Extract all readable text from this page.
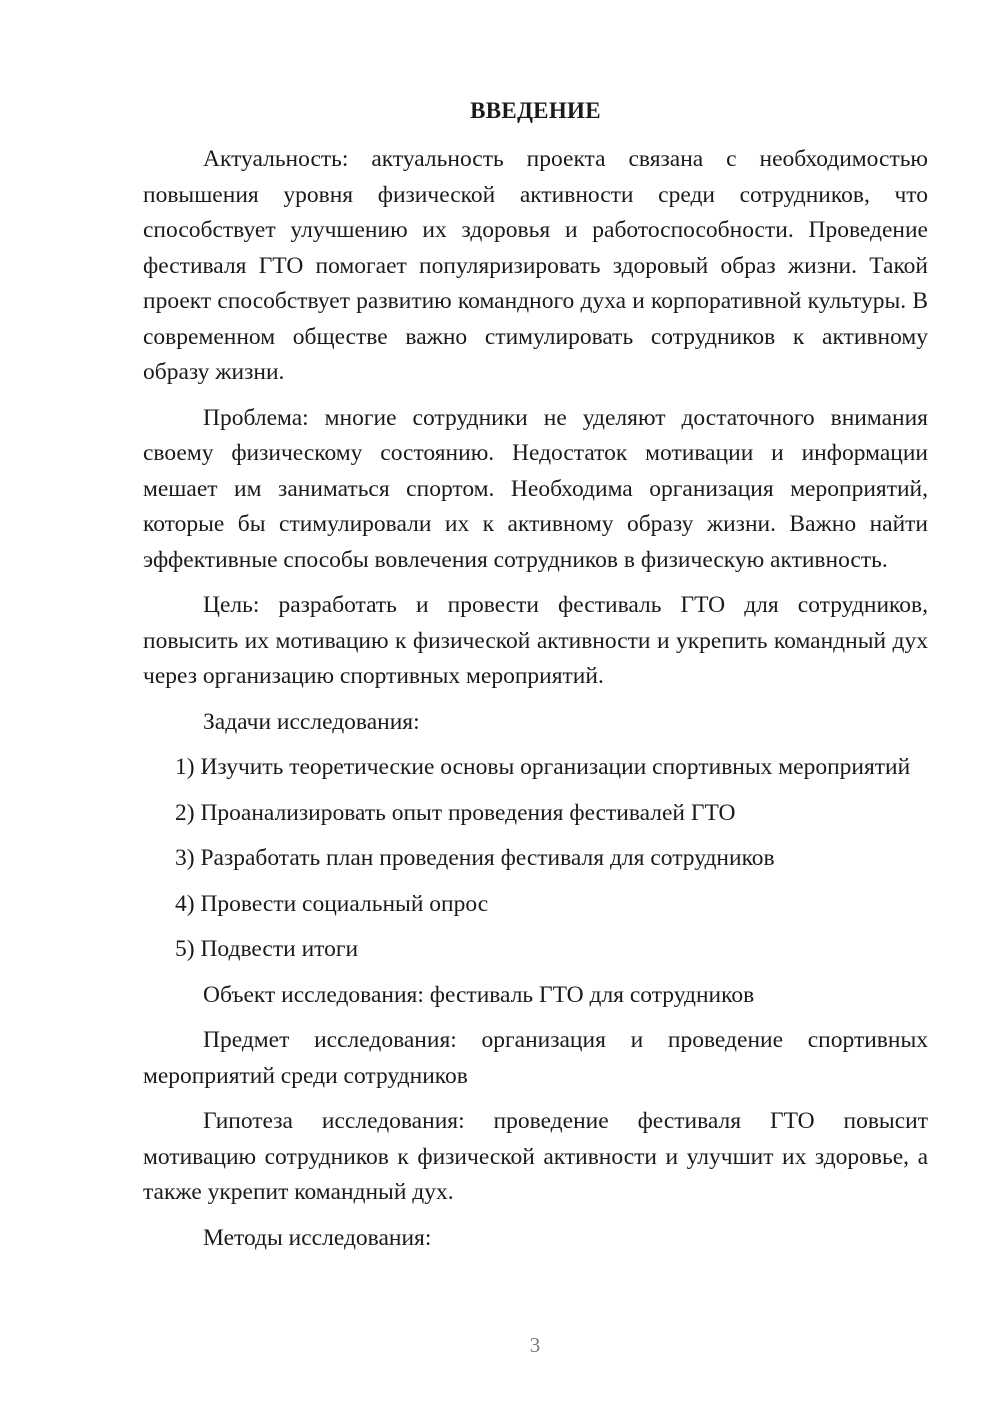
ВВЕДЕНИЕ

Актуальность: актуальность проекта связана с необходимостью повышения уровня физической активности среди сотрудников, что способствует улучшению их здоровья и работоспособности. Проведение фестиваля ГТО помогает популяризировать здоровый образ жизни. Такой проект способствует развитию командного духа и корпоративной культуры. В современном обществе важно стимулировать сотрудников к активному образу жизни.

Проблема: многие сотрудники не уделяют достаточного внимания своему физическому состоянию. Недостаток мотивации и информации мешает им заниматься спортом. Необходима организация мероприятий, которые бы стимулировали их к активному образу жизни. Важно найти эффективные способы вовлечения сотрудников в физическую активность.

Цель: разработать и провести фестиваль ГТО для сотрудников, повысить их мотивацию к физической активности и укрепить командный дух через организацию спортивных мероприятий.

Задачи исследования:

1) Изучить теоретические основы организации спортивных мероприятий

2) Проанализировать опыт проведения фестивалей ГТО

3) Разработать план проведения фестиваля для сотрудников

4) Провести социальный опрос

5) Подвести итоги

Объект исследования: фестиваль ГТО для сотрудников

Предмет исследования: организация и проведение спортивных мероприятий среди сотрудников

Гипотеза исследования: проведение фестиваля ГТО повысит мотивацию сотрудников к физической активности и улучшит их здоровье, а также укрепит командный дух.

Методы исследования:

3
